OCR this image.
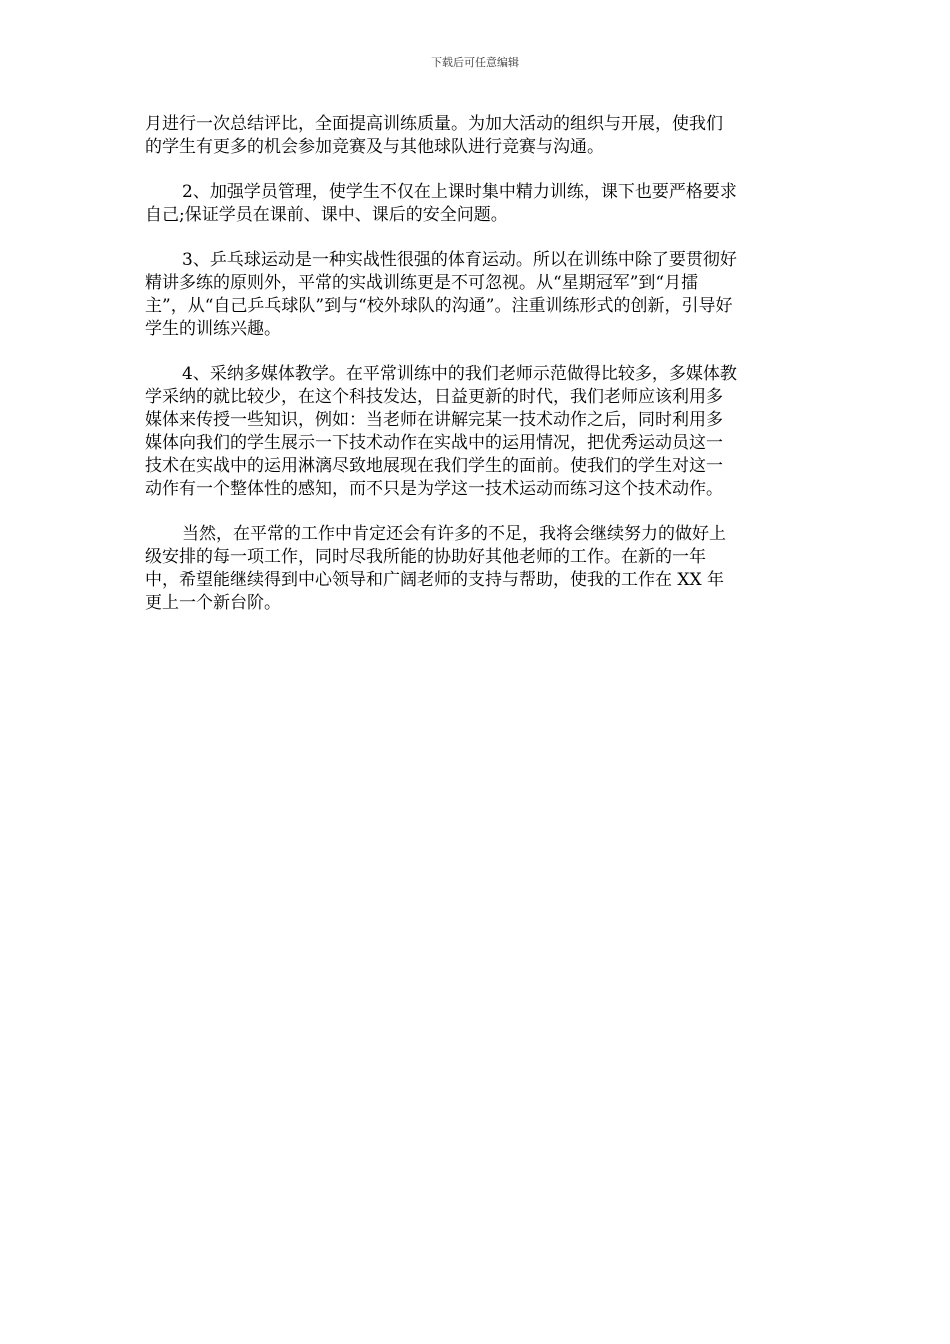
下载后可任意编辑

月进行一次总结评比，全面提高训练质量。为加大活动的组织与开展，使我们
的学生有更多的机会参加竞赛及与其他球队进行竞赛与沟通。

2、加强学员管理，使学生不仅在上课时集中精力训练，课下也要严格要求
自己;保证学员在课前、课中、课后的安全问题。

3、乒乓球运动是一种实战性很强的体育运动。所以在训练中除了要贯彻好
精讲多练的原则外，平常的实战训练更是不可忽视。从“星期冠军”到“月擂
主”，从“自己乒乓球队”到与“校外球队的沟通”。注重训练形式的创新，引导好
学生的训练兴趣。

4、采纳多媒体教学。在平常训练中的我们老师示范做得比较多，多媒体教
学采纳的就比较少，在这个科技发达，日益更新的时代，我们老师应该利用多
媒体来传授一些知识，例如：当老师在讲解完某一技术动作之后，同时利用多
媒体向我们的学生展示一下技术动作在实战中的运用情况，把优秀运动员这一
技术在实战中的运用淋漓尽致地展现在我们学生的面前。使我们的学生对这一
动作有一个整体性的感知，而不只是为学这一技术运动而练习这个技术动作。

当然，在平常的工作中肯定还会有许多的不足，我将会继续努力的做好上
级安排的每一项工作，同时尽我所能的协助好其他老师的工作。在新的一年
中，希望能继续得到中心领导和广阔老师的支持与帮助，使我的工作在 XX 年
更上一个新台阶。
